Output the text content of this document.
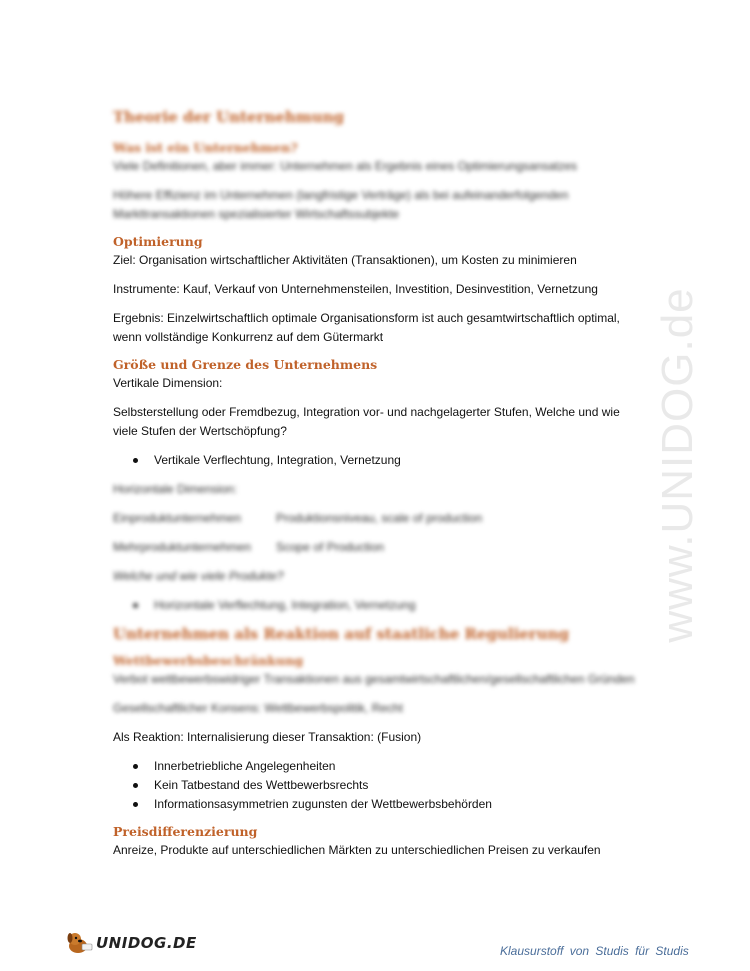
www.UNIDOG.de
Theorie der Unternehmung
Was ist ein Unternehmen?

Viele Definitionen, aber immer: Unternehmen als Ergebnis eines Optimierungsansatzes

Höhere Effizienz im Unternehmen (langfristige Verträge) als bei aufeinanderfolgenden Markttransaktionen spezialisierter Wirtschaftssubjekte

Optimierung

Ziel: Organisation wirtschaftlicher Aktivitäten (Transaktionen), um Kosten zu minimieren

Instrumente: Kauf, Verkauf von Unternehmensteilen, Investition, Desinvestition, Vernetzung

Ergebnis: Einzelwirtschaftlich optimale Organisationsform ist auch gesamtwirtschaftlich optimal, wenn vollständige Konkurrenz auf dem Gütermarkt

Größe und Grenze des Unternehmens

Vertikale Dimension:

Selbsterstellung oder Fremdbezug, Integration vor- und nachgelagerter Stufen, Welche und wie viele Stufen der Wertschöpfung?

Vertikale Verflechtung, Integration, Vernetzung

Horizontale Dimension:

Einproduktunternehmen	Produktionsniveau, scale of production
Mehrproduktunternehmen	Scope of Production

Welche und wie viele Produkte?

Horizontale Verflechtung, Integration, Vernetzung
Unternehmen als Reaktion auf staatliche Regulierung
Wettbewerbsbeschränkung

Verbot wettbewerbswidriger Transaktionen aus gesamtwirtschaftlichen/gesellschaftlichen Gründen

Gesellschaftlicher Konsens: Wettbewerbspolitik, Recht

Als Reaktion: Internalisierung dieser Transaktion: (Fusion)

Innerbetriebliche Angelegenheiten
Kein Tatbestand des Wettbewerbsrechts
Informationsasymmetrien zugunsten der Wettbewerbsbehörden
Preisdifferenzierung

Anreize, Produkte auf unterschiedlichen Märkten zu unterschiedlichen Preisen zu verkaufen

UNIDOG.DE	Klausurstoff von Studis für Studis
